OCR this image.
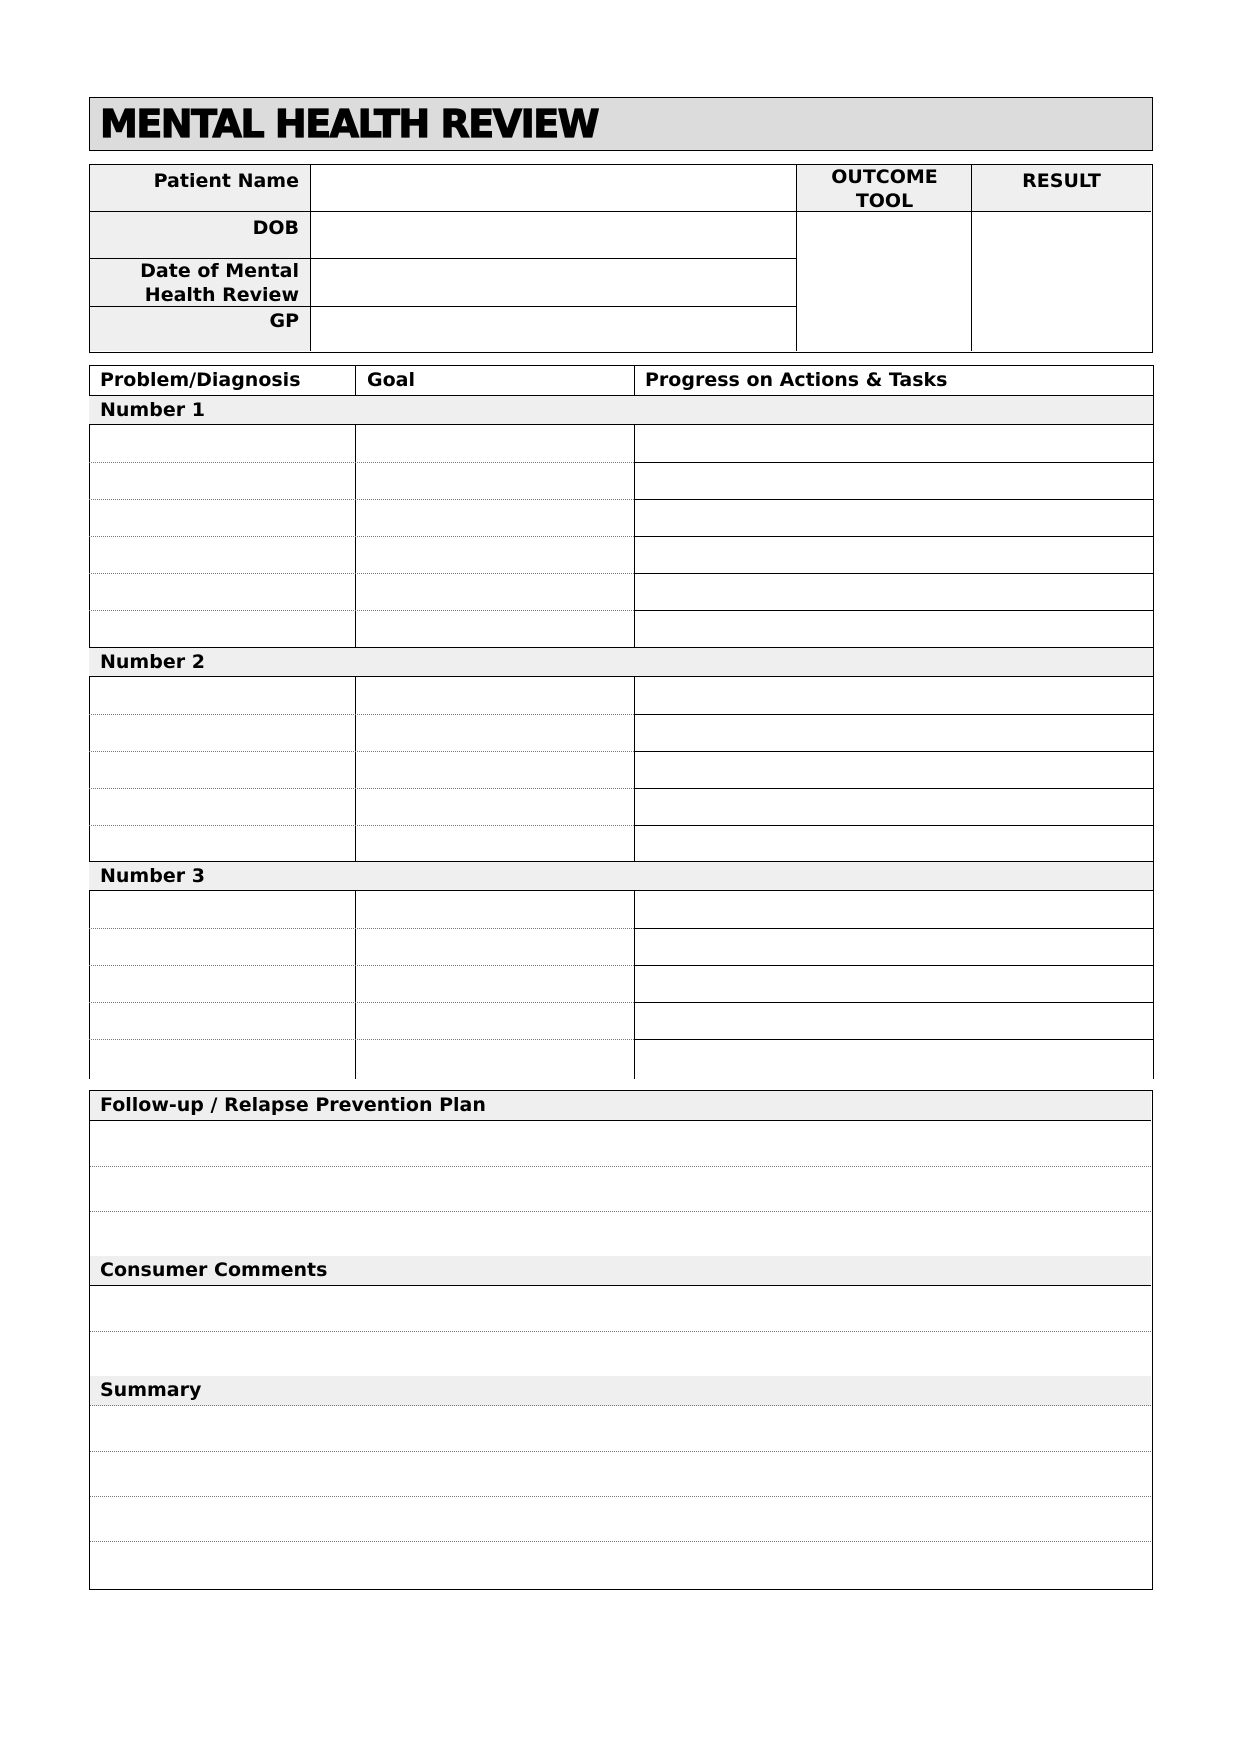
MENTAL HEALTH REVIEW
Patient Name
DOB
Date of Mental
Health Review
GP
OUTCOME
TOOL
RESULT
Problem/Diagnosis	Goal	Progress on Actions & Tasks
Number 1
Number 2
Number 3
Follow-up / Relapse Prevention Plan
Consumer Comments
Summary
